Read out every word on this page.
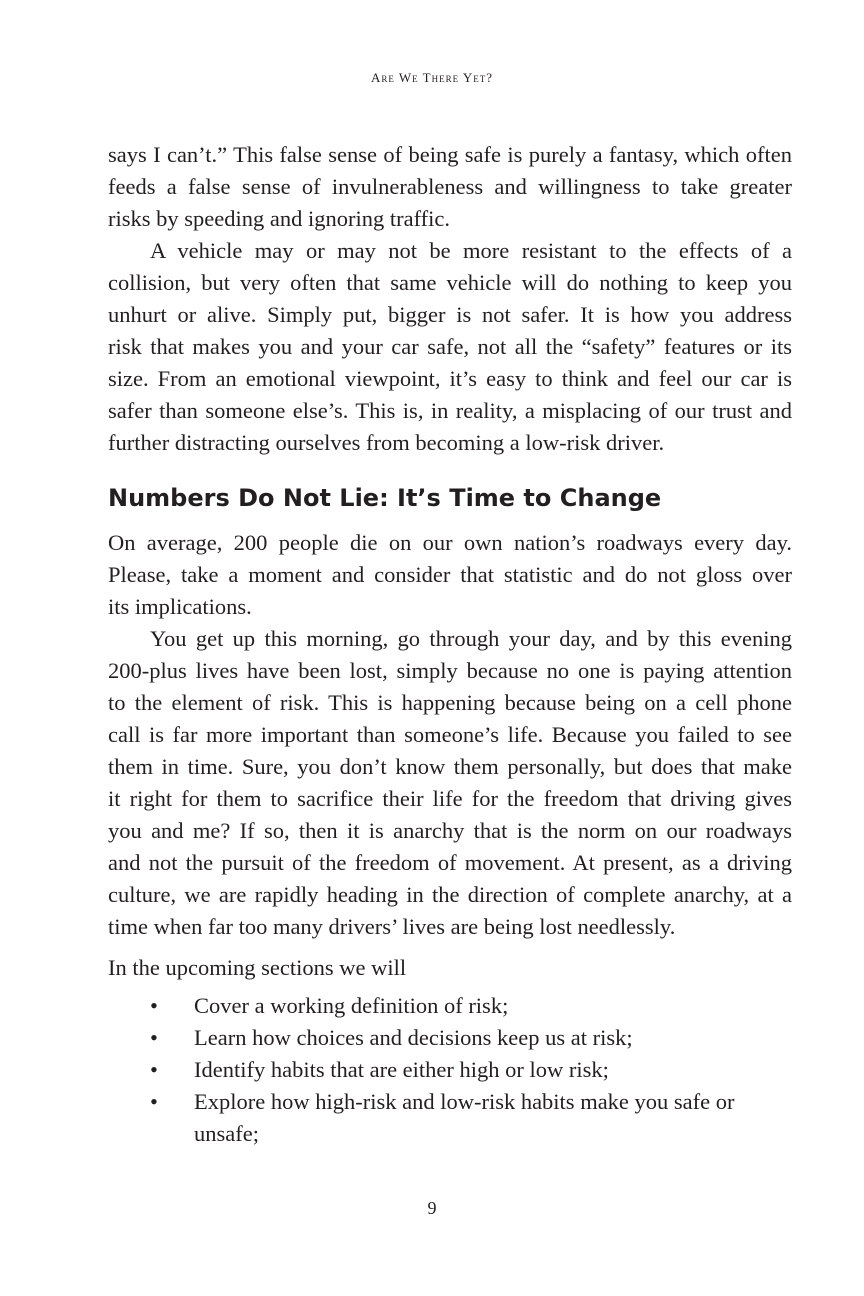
Are We There Yet?
says I can’t.” This false sense of being safe is purely a fantasy, which often
feeds a false sense of invulnerableness and willingness to take greater
risks by speeding and ignoring traffic.
A vehicle may or may not be more resistant to the effects of a
collision, but very often that same vehicle will do nothing to keep you
unhurt or alive. Simply put, bigger is not safer. It is how you address
risk that makes you and your car safe, not all the “safety” features or its
size. From an emotional viewpoint, it’s easy to think and feel our car is
safer than someone else’s. This is, in reality, a misplacing of our trust and
further distracting ourselves from becoming a low-risk driver.
Numbers Do Not Lie: It’s Time to Change
On average, 200 people die on our own nation’s roadways every day.
Please, take a moment and consider that statistic and do not gloss over
its implications.
You get up this morning, go through your day, and by this evening
200-plus lives have been lost, simply because no one is paying attention
to the element of risk. This is happening because being on a cell phone
call is far more important than someone’s life. Because you failed to see
them in time. Sure, you don’t know them personally, but does that make
it right for them to sacrifice their life for the freedom that driving gives
you and me? If so, then it is anarchy that is the norm on our roadways
and not the pursuit of the freedom of movement. At present, as a driving
culture, we are rapidly heading in the direction of complete anarchy, at a
time when far too many drivers’ lives are being lost needlessly.
In the upcoming sections we will
• Cover a working definition of risk;
• Learn how choices and decisions keep us at risk;
• Identify habits that are either high or low risk;
• Explore how high-risk and low-risk habits make you safe or unsafe;
9
